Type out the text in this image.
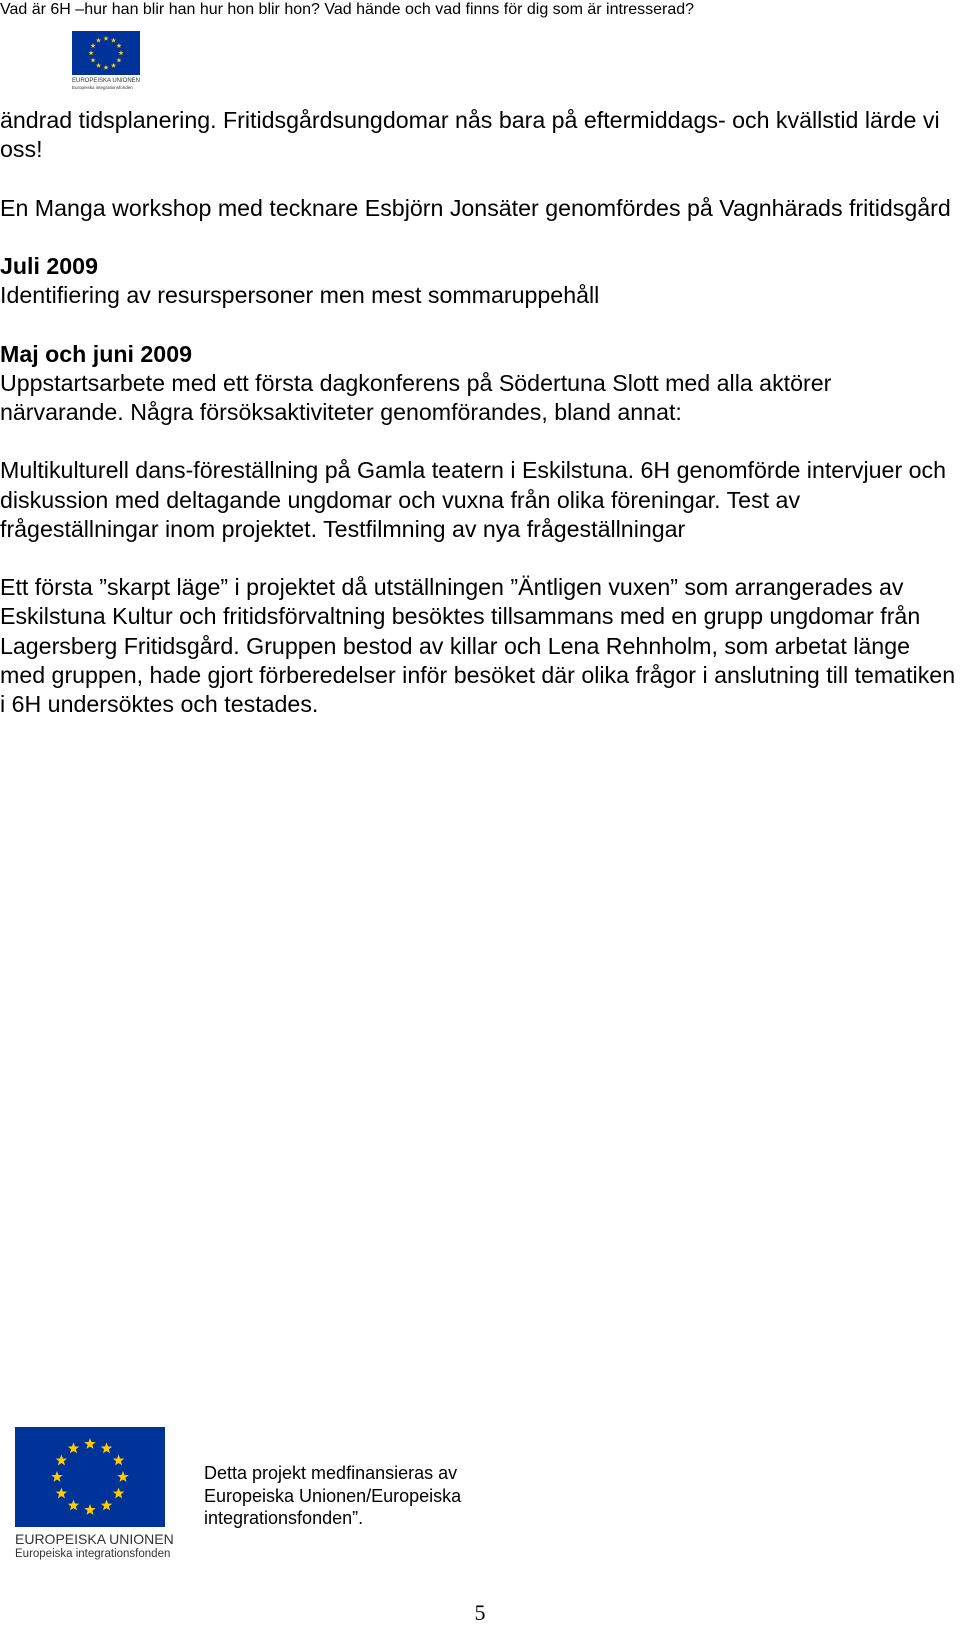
Vad är 6H –hur han blir han hur hon blir hon? Vad hände och vad finns för dig som är intresserad?
EUROPEISKA UNIONEN
Europeiska integrationsfonden

ändrad tidsplanering. Fritidsgårdsungdomar nås bara på eftermiddags- och kvällstid lärde vi oss!

En Manga workshop med tecknare Esbjörn Jonsäter genomfördes på Vagnhärads fritidsgård

Juli 2009

Identifiering av resurspersoner men mest sommaruppehåll

Maj och juni 2009

Uppstartsarbete med ett första dagkonferens på Södertuna Slott med alla aktörer närvarande. Några försöksaktiviteter genomförandes, bland annat:

Multikulturell dans-föreställning på Gamla teatern i Eskilstuna. 6H genomförde intervjuer och diskussion med deltagande ungdomar och vuxna från olika föreningar. Test av frågeställningar inom projektet. Testfilmning av nya frågeställningar

Ett första ”skarpt läge” i projektet då utställningen ”Äntligen vuxen” som arrangerades av Eskilstuna Kultur och fritidsförvaltning besöktes tillsammans med en grupp ungdomar från Lagersberg Fritidsgård. Gruppen bestod av killar och Lena Rehnholm, som arbetat länge med gruppen, hade gjort förberedelser inför besöket där olika frågor i anslutning till tematiken i 6H undersöktes och testades.

EUROPEISKA UNIONEN
Europeiska integrationsfonden
Detta projekt medfinansieras av Europeiska Unionen/Europeiska integrationsfonden”.
5
